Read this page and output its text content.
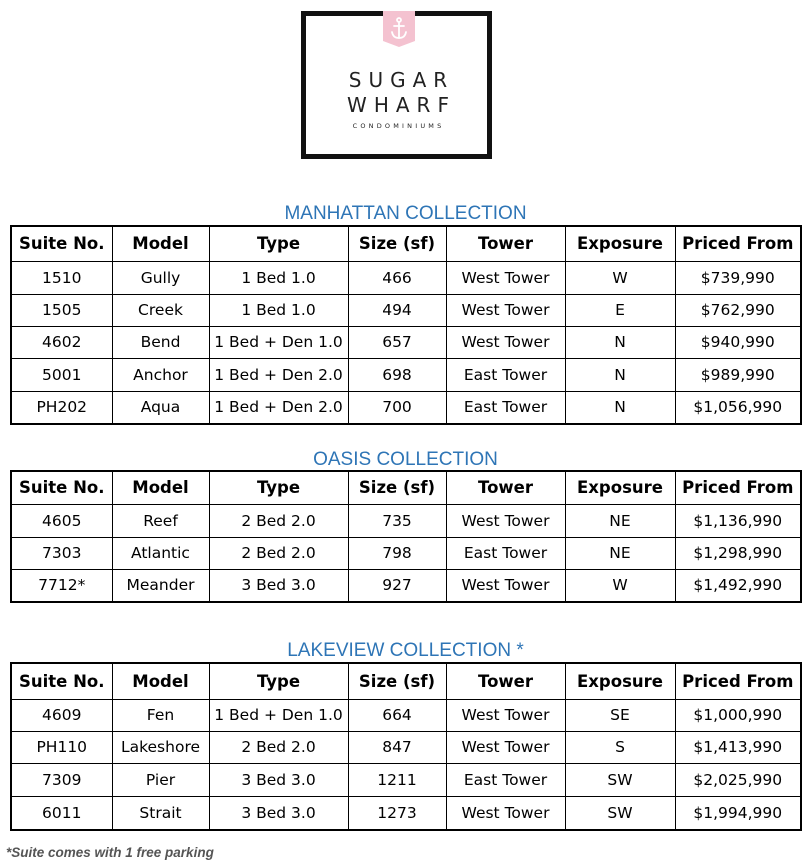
SUGAR
WHARF
CONDOMINIUMS
MANHATTAN COLLECTION
Suite No.	Model	Type	Size (sf)	Tower	Exposure	Priced From
1510	Gully	1 Bed 1.0	466	West Tower	W	$739,990
1505	Creek	1 Bed 1.0	494	West Tower	E	$762,990
4602	Bend	1 Bed + Den 1.0	657	West Tower	N	$940,990
5001	Anchor	1 Bed + Den 2.0	698	East Tower	N	$989,990
PH202	Aqua	1 Bed + Den 2.0	700	East Tower	N	$1,056,990
OASIS COLLECTION
Suite No.	Model	Type	Size (sf)	Tower	Exposure	Priced From
4605	Reef	2 Bed 2.0	735	West Tower	NE	$1,136,990
7303	Atlantic	2 Bed 2.0	798	East Tower	NE	$1,298,990
7712*	Meander	3 Bed 3.0	927	West Tower	W	$1,492,990
LAKEVIEW COLLECTION *
Suite No.	Model	Type	Size (sf)	Tower	Exposure	Priced From
4609	Fen	1 Bed + Den 1.0	664	West Tower	SE	$1,000,990
PH110	Lakeshore	2 Bed 2.0	847	West Tower	S	$1,413,990
7309	Pier	3 Bed 3.0	1211	East Tower	SW	$2,025,990
6011	Strait	3 Bed 3.0	1273	West Tower	SW	$1,994,990
*Suite comes with 1 free parking
